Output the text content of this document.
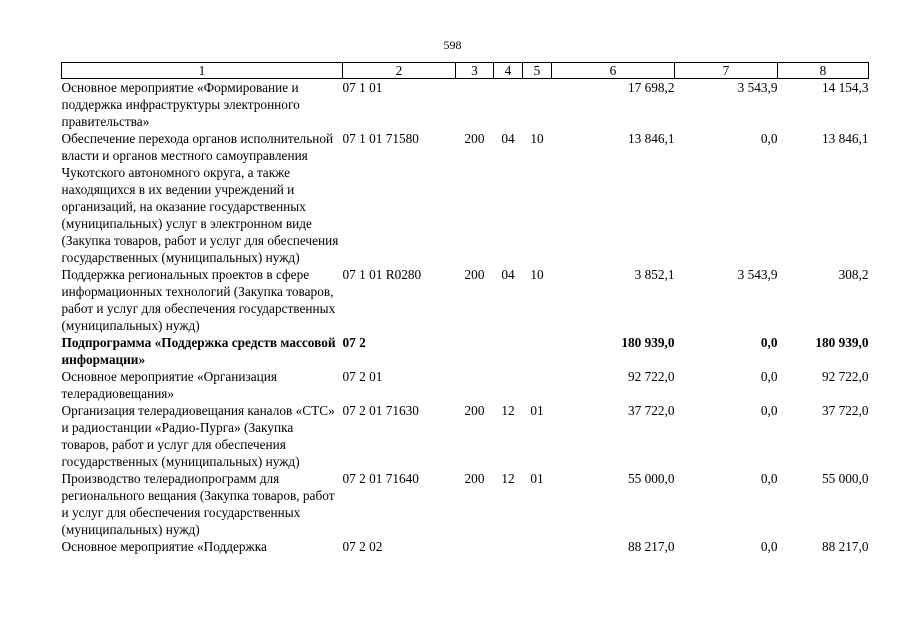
598
1	2	3	4	5	6	7	8

Основное мероприятие «Формирование и поддержка инфраструктуры электронного правительства»	07 1 01				17 698,2	3 543,9	14 154,3

Обеспечение перехода органов исполнительной власти и органов местного самоуправления Чукотского автономного округа, а также находящихся в их ведении учреждений и организаций, на оказание государственных (муниципальных) услуг в электронном виде (Закупка товаров, работ и услуг для обеспечения государственных (муниципальных) нужд)	07 1 01 71580	200	04	10	13 846,1	0,0	13 846,1

Поддержка региональных проектов в сфере информационных технологий (Закупка товаров, работ и услуг для обеспечения государственных (муниципальных) нужд)	07 1 01 R0280	200	04	10	3 852,1	3 543,9	308,2

Подпрограмма «Поддержка средств массовой информации»	07 2				180 939,0	0,0	180 939,0

Основное мероприятие «Организация телерадиовещания»	07 2 01				92 722,0	0,0	92 722,0

Организация телерадиовещания каналов «СТС» и радиостанции «Радио-Пурга» (Закупка товаров, работ и услуг для обеспечения государственных (муниципальных) нужд)	07 2 01 71630	200	12	01	37 722,0	0,0	37 722,0

Производство телерадиопрограмм для регионального вещания (Закупка товаров, работ и услуг для обеспечения государственных (муниципальных) нужд)	07 2 01 71640	200	12	01	55 000,0	0,0	55 000,0

Основное мероприятие «Поддержка	07 2 02				88 217,0	0,0	88 217,0
